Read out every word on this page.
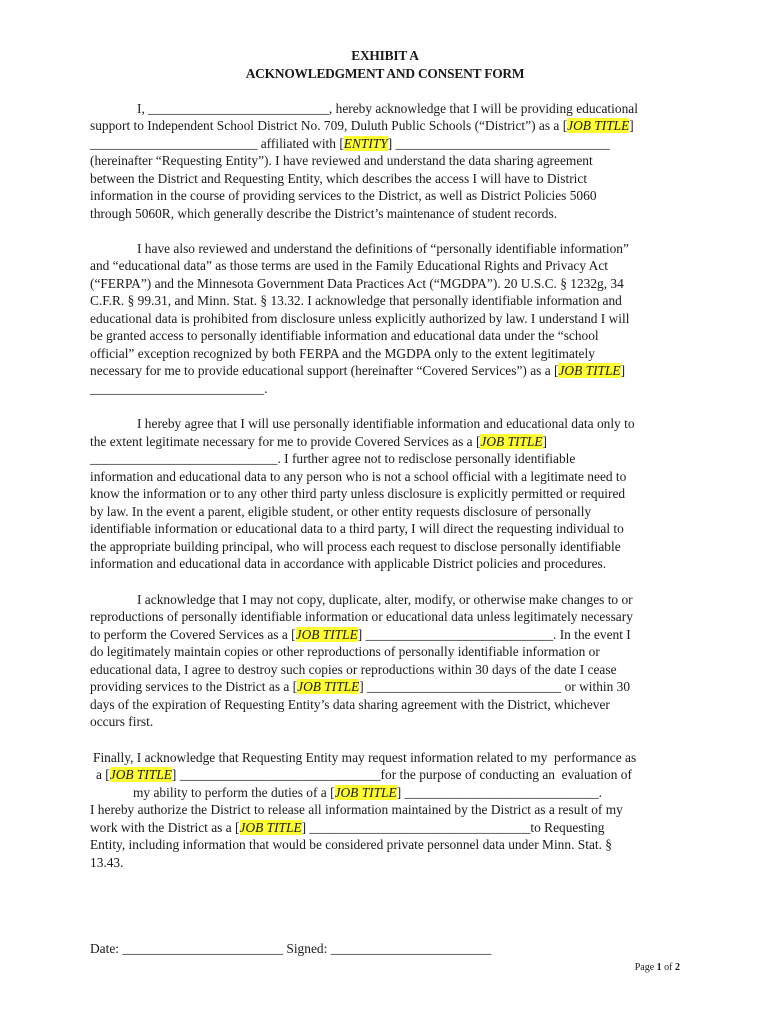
EXHIBIT A
ACKNOWLEDGMENT AND CONSENT FORM
I, ___________________________, hereby acknowledge that I will be providing educational
support to Independent School District No. 709, Duluth Public Schools (“District”) as a [JOB TITLE]
_________________________ affiliated with [ENTITY] ________________________________
(hereinafter “Requesting Entity”). I have reviewed and understand the data sharing agreement
between the District and Requesting Entity, which describes the access I will have to District
information in the course of providing services to the District, as well as District Policies 5060
through 5060R, which generally describe the District’s maintenance of student records.
I have also reviewed and understand the definitions of “personally identifiable information”
and “educational data” as those terms are used in the Family Educational Rights and Privacy Act
(“FERPA”) and the Minnesota Government Data Practices Act (“MGDPA”). 20 U.S.C. § 1232g, 34
C.F.R. § 99.31, and Minn. Stat. § 13.32. I acknowledge that personally identifiable information and
educational data is prohibited from disclosure unless explicitly authorized by law. I understand I will
be granted access to personally identifiable information and educational data under the “school
official” exception recognized by both FERPA and the MGDPA only to the extent legitimately
necessary for me to provide educational support (hereinafter “Covered Services”) as a [JOB TITLE]
__________________________.
I hereby agree that I will use personally identifiable information and educational data only to
the extent legitimate necessary for me to provide Covered Services as a [JOB TITLE]
____________________________. I further agree not to redisclose personally identifiable
information and educational data to any person who is not a school official with a legitimate need to
know the information or to any other third party unless disclosure is explicitly permitted or required
by law. In the event a parent, eligible student, or other entity requests disclosure of personally
identifiable information or educational data to a third party, I will direct the requesting individual to
the appropriate building principal, who will process each request to disclose personally identifiable
information and educational data in accordance with applicable District policies and procedures.
I acknowledge that I may not copy, duplicate, alter, modify, or otherwise make changes to or
reproductions of personally identifiable information or educational data unless legitimately necessary
to perform the Covered Services as a [JOB TITLE] ____________________________. In the event I
do legitimately maintain copies or other reproductions of personally identifiable information or
educational data, I agree to destroy such copies or reproductions within 30 days of the date I cease
providing services to the District as a [JOB TITLE] _____________________________ or within 30
days of the expiration of Requesting Entity’s data sharing agreement with the District, whichever
occurs first.
Finally, I acknowledge that Requesting Entity may request information related to my  performance as
a [JOB TITLE] ______________________________for the purpose of conducting an  evaluation of
my ability to perform the duties of a [JOB TITLE] _____________________________.
I hereby authorize the District to release all information maintained by the District as a result of my
work with the District as a [JOB TITLE] _________________________________to Requesting
Entity, including information that would be considered private personnel data under Minn. Stat. §
13.43.
Date: ________________________ Signed: ________________________
Page 1 of 2
